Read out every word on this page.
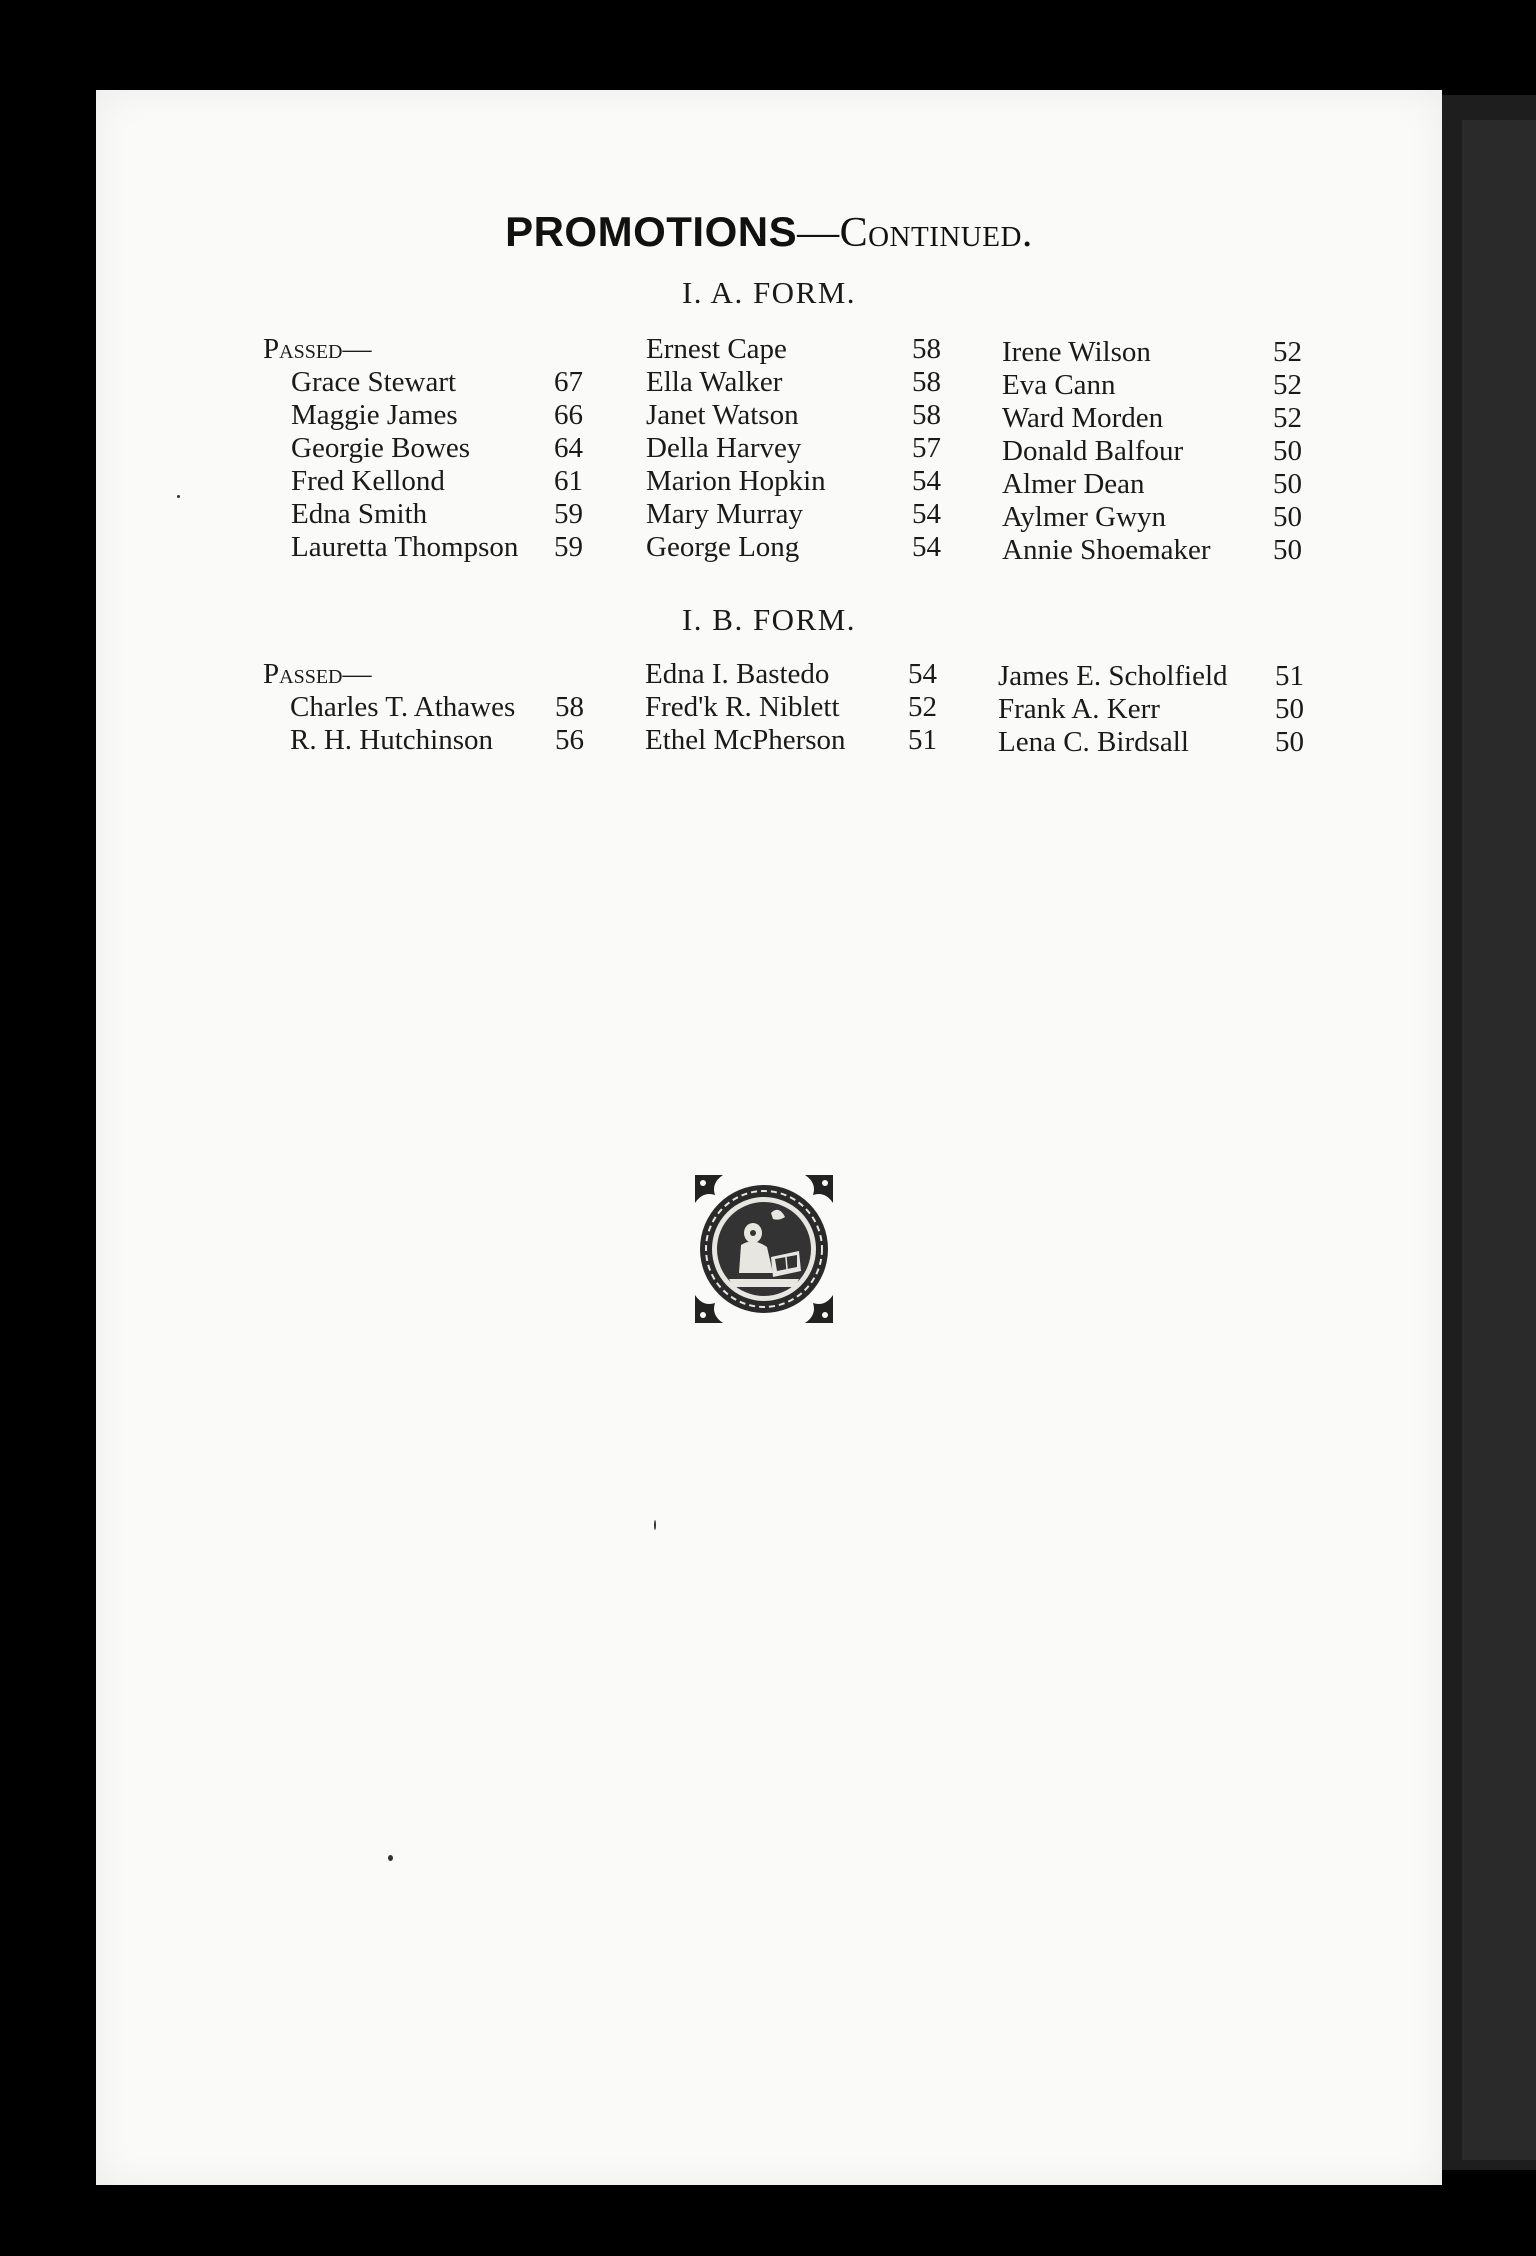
PROMOTIONS—Continued.
I. A. FORM.
Passed—
Grace Stewart	67
Maggie James	66
Georgie Bowes	64
Fred Kellond	61
Edna Smith	59
Lauretta Thompson 59
Ernest Cape	58
Ella Walker	58
Janet Watson	58
Della Harvey	57
Marion Hopkin	54
Mary Murray	54
George Long	54
Irene Wilson	52
Eva Cann	52
Ward Morden	52
Donald Balfour	50
Almer Dean	50
Aylmer Gwyn	50
Annie Shoemaker 50
I. B. FORM.
Passed—
Charles T. Athawes 58
R. H. Hutchinson 56
Edna I. Bastedo	54
Fred'k R. Niblett 52
Ethel McPherson 51
James E. Scholfield 51
Frank A. Kerr	50
Lena C. Birdsall	50
